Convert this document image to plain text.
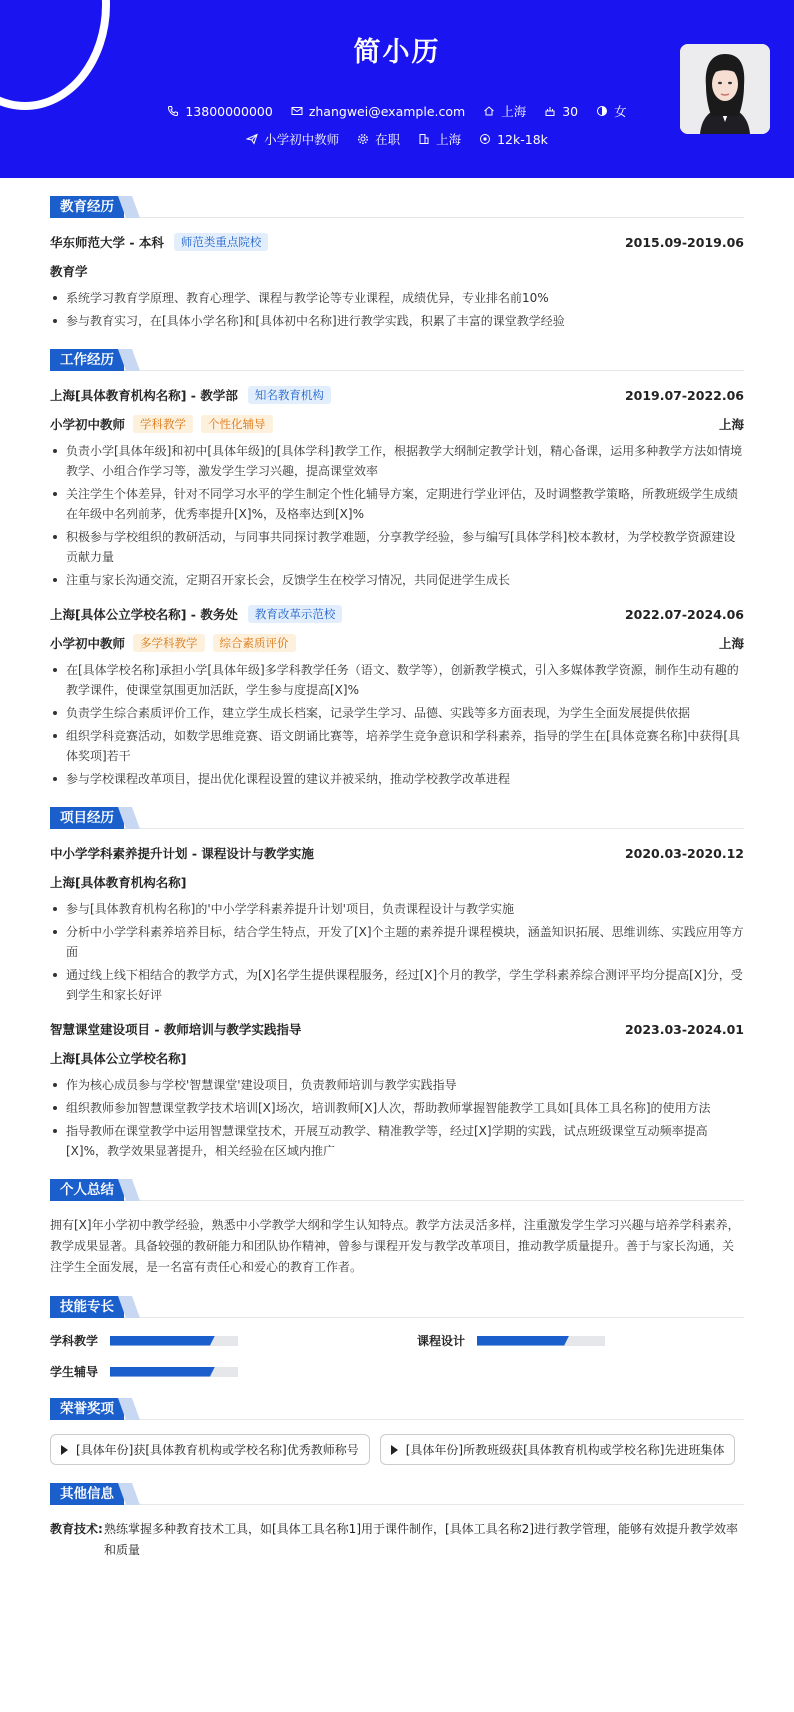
简小历
13800000000	zhangwei@example.com	上海	30	女
小学初中教师	在职	上海	12k-18k
教育经历
华东师范大学 - 本科	师范类重点院校	2015.09-2019.06
教育学
系统学习教育学原理、教育心理学、课程与教学论等专业课程，成绩优异，专业排名前10%
参与教育实习，在[具体小学名称]和[具体初中名称]进行教学实践，积累了丰富的课堂教学经验
工作经历
上海[具体教育机构名称] - 教学部	知名教育机构	2019.07-2022.06
小学初中教师	学科教学	个性化辅导	上海
负责小学[具体年级]和初中[具体年级]的[具体学科]教学工作，根据教学大纲制定教学计划，精心备课，运用多种教学方法如情境教学、小组合作学习等，激发学生学习兴趣，提高课堂效率
关注学生个体差异，针对不同学习水平的学生制定个性化辅导方案，定期进行学业评估，及时调整教学策略，所教班级学生成绩在年级中名列前茅，优秀率提升[X]%，及格率达到[X]%
积极参与学校组织的教研活动，与同事共同探讨教学难题，分享教学经验，参与编写[具体学科]校本教材，为学校教学资源建设贡献力量
注重与家长沟通交流，定期召开家长会，反馈学生在校学习情况，共同促进学生成长
上海[具体公立学校名称] - 教务处	教育改革示范校	2022.07-2024.06
小学初中教师	多学科教学	综合素质评价	上海
在[具体学校名称]承担小学[具体年级]多学科教学任务（语文、数学等），创新教学模式，引入多媒体教学资源，制作生动有趣的教学课件，使课堂氛围更加活跃，学生参与度提高[X]%
负责学生综合素质评价工作，建立学生成长档案，记录学生学习、品德、实践等多方面表现，为学生全面发展提供依据
组织学科竞赛活动，如数学思维竞赛、语文朗诵比赛等，培养学生竞争意识和学科素养，指导的学生在[具体竞赛名称]中获得[具体奖项]若干
参与学校课程改革项目，提出优化课程设置的建议并被采纳，推动学校教学改革进程
项目经历
中小学学科素养提升计划 - 课程设计与教学实施	2020.03-2020.12
上海[具体教育机构名称]
参与[具体教育机构名称]的'中小学学科素养提升计划'项目，负责课程设计与教学实施
分析中小学学科素养培养目标，结合学生特点，开发了[X]个主题的素养提升课程模块，涵盖知识拓展、思维训练、实践应用等方面
通过线上线下相结合的教学方式，为[X]名学生提供课程服务，经过[X]个月的教学，学生学科素养综合测评平均分提高[X]分，受到学生和家长好评
智慧课堂建设项目 - 教师培训与教学实践指导	2023.03-2024.01
上海[具体公立学校名称]
作为核心成员参与学校'智慧课堂'建设项目，负责教师培训与教学实践指导
组织教师参加智慧课堂教学技术培训[X]场次，培训教师[X]人次，帮助教师掌握智能教学工具如[具体工具名称]的使用方法
指导教师在课堂教学中运用智慧课堂技术，开展互动教学、精准教学等，经过[X]学期的实践，试点班级课堂互动频率提高[X]%，教学效果显著提升，相关经验在区域内推广
个人总结

拥有[X]年小学初中教学经验，熟悉中小学教学大纲和学生认知特点。教学方法灵活多样，注重激发学生学习兴趣与培养学科素养，教学成果显著。具备较强的教研能力和团队协作精神，曾参与课程开发与教学改革项目，推动教学质量提升。善于与家长沟通，关注学生全面发展，是一名富有责任心和爱心的教育工作者。

技能专长
学科教学	课程设计
学生辅导
荣誉奖项
[具体年份]获[具体教育机构或学校名称]优秀教师称号	[具体年份]所教班级获[具体教育机构或学校名称]先进班集体
其他信息
教育技术: 熟练掌握多种教育技术工具，如[具体工具名称1]用于课件制作，[具体工具名称2]进行教学管理，能够有效提升教学效率和质量
